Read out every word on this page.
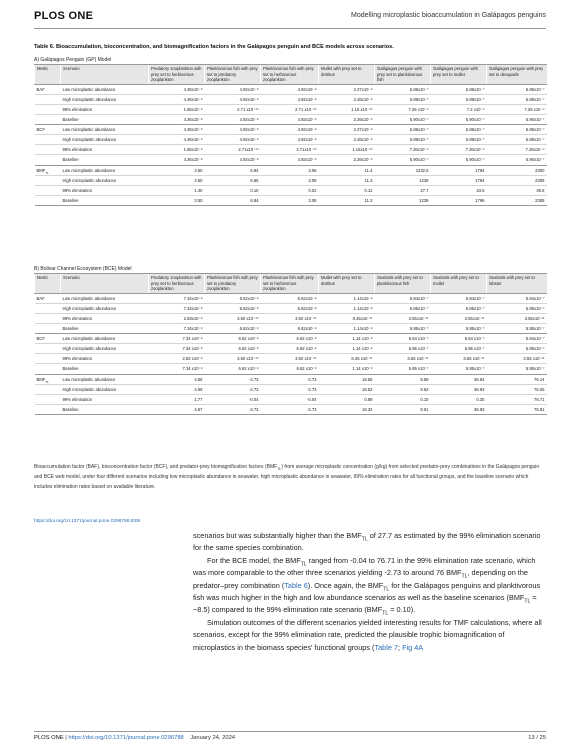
PLOS ONE	Modelling microplastic bioaccumulation in Galápagos penguins
Table 6. Bioaccumulation, bioconcentration, and biomagnification factors in the Galápagos penguin and BCE models across scenarios.
A) Galápagos Penguin (GP) Model
Metric	Scenario	Predatory zooplankton with prey set to herbivorous zooplankton	Planktivorous fish with prey set to predatory zooplankton	Planktivorous fish with prey set to herbivorous zooplankton	Mullet with prey set to detritus	Galápagos penguin with prey set to planktivorous fish	Galápagos penguin with prey set to mullet	Galápagos penguin with prey set to decapods
BAF	Low microplastic abundance	4.36x10⁻⁸	4.92x10⁻⁸	4.92x10⁻⁸	2.27x10⁻⁸	5.86x10⁻⁷	5.86x10⁻⁷	5.86x10⁻⁷
	High microplastic abundance	4.36x10⁻⁸	4.92x10⁻⁸	4.92x10⁻⁸	2.26x10⁻⁸	5.89x10⁻⁷	5.89x10⁻⁷	5.89x10⁻⁷
	99% elimination	1.66x10⁻⁸	2.71 x10⁻¹⁰	2.71 x10⁻¹⁰	1.15 x10⁻¹⁰	7.26 x10⁻⁹	7.2 x10⁻⁹	7.26 x10⁻⁹
	Baseline	4.36x10⁻⁸	4.92x10⁻⁸	4.92x10⁻⁸	2.26x10⁻⁸	5.90x10⁻⁷	5.90x10⁻⁷	5.90x10⁻⁷
BCF	Low microplastic abundance	4.36x10⁻⁸	4.92x10⁻⁸	4.92x10⁻⁸	2.27x10⁻⁸	5.86x10⁻⁷	5.86x10⁻⁷	5.86x10⁻⁷
	High microplastic abundance	4.36x10⁻⁸	4.92x10⁻⁸	4.92x10⁻⁸	2.26x10⁻⁸	5.89x10⁻⁷	5.89x10⁻⁷	5.89x10⁻⁷
	99% elimination	1.66x10⁻⁸	2.71x10⁻¹⁰	2.71x10⁻¹⁰	1.15x10⁻¹⁰	7.26x10⁻⁹	7.26x10⁻⁹	7.26x10⁻⁹
	Baseline	4.36x10⁻⁸	4.92x10⁻⁸	4.92x10⁻⁸	2.26x10⁻⁸	5.90x10⁻⁷	5.90x10⁻⁷	5.90x10⁻⁷
$BMF_{TL}$	Low microplastic abundance	3.50	6.84	3.06	11.4	1232.5	1784	2300
	High microplastic abundance	3.50	6.85	3.06	11.3	1238	1794	2305
	99% elimination	1.40	0.10	0.02	0.12	27.7	43.5	49.6
	Baseline	3.50	6.84	3.06	11.3	1239	1796	2308
B) Bolivar Channel Ecosystem (BCE) Model
Metric	Scenario	Predatory zooplankton with prey set to herbivorous zooplankton	Planktivorous fish with prey set to predatory zooplankton	Planktivorous fish with prey set to herbivorous zooplankton	Mullet with prey set to detritus	Seabirds with prey set to planktivorous fish	Seabirds with prey set to mullet	Seabirds with prey set to lobster
BAF	Low microplastic abundance	7.34x10⁻⁸	6.62x10⁻⁸	6.62x10⁻⁸	1.14x10⁻⁸	5.84x10⁻⁷	5.84x10⁻⁷	5.84x10⁻⁷
	High microplastic abundance	7.34x10⁻⁸	6.62x10⁻⁸	6.62x10⁻⁸	1.14x10⁻⁸	5.85x10⁻⁷	5.85x10⁻⁷	5.85x10⁻⁷
	99% elimination	2.83x10⁻⁸	3.50 x10⁻¹⁰	3.50 x10⁻¹⁰	8.45x10⁻¹¹	3.55x10⁻¹¹	3.55x10⁻¹¹	3.55x10⁻¹¹
	Baseline	7.34x10⁻⁸	6.62x10⁻⁸	6.62x10⁻⁸	1.14x10⁻⁸	5.85x10⁻⁷	5.85x10⁻⁷	5.85x10⁻⁷
BCF	Low microplastic abundance	7.34 x10⁻⁸	6.62 x10⁻⁸	6.62 x10⁻⁸	1.14 x10⁻⁸	5.84 x10⁻⁷	5.84 x10⁻⁷	5.84x10⁻⁷
	High microplastic abundance	7.34 x10⁻⁸	6.62 x10⁻⁸	6.62 x10⁻⁸	1.14 x10⁻⁸	5.85 x10⁻⁷	5.85 x10⁻⁷	5.85x10⁻⁷
	99% elimination	2.83 x10⁻⁸	3.50 x10⁻¹⁰	3.50 x10⁻¹⁰	8.45 x10⁻¹¹	3.55 x10⁻¹¹	3.55 x10⁻¹¹	3.55 x10⁻¹¹
	Baseline	7.34 x10⁻⁸	6.62 x10⁻⁸	6.62 x10⁻⁸	1.14 x10⁻⁸	5.85 x10⁻⁷	5.85x10⁻⁷	5.85x10⁻⁷
$BMF_{TL}$	Low microplastic abundance	4.58	-2.73	-2.73	18.56	8.59	36.84	76.14
	High microplastic abundance	4.58	-2.73	-2.73	18.52	8.62	36.93	76.05
	99% elimination	1.77	-0.04	-0.04	0.89	0.10	0.30	76.71
	Baseline	4.57	-2.73	-2.73	18.32	8.61	36.93	75.81
Bioaccumulation factor (BAF), bioconcentration factor (BCF), and predator-prey biomagnification factors $(BMF_{TL})$ from average microplastic concentration (g/kg) from selected predator-prey combinations in the Galápagos penguin and BCE web model, under four different scenarios including low microplastic abundance in seawater, high microplastic abundance in seawater, 99% elimination rates for all functional groups, and the baseline scenario which includes elimination rates based on available literature.
https://doi.org/10.1371/journal.pone.0296788.t006

scenarios but was substantially higher than the $BMF_{TL}$ of 27.7 as estimated by the 99% elimination scenario for the same species combination.

For the BCE model, the $BMF_{TL}$ ranged from -0.04 to 76.71 in the 99% elimination rate scenario, which was more comparable to the other three scenarios yielding -2.73 to around 76 $BMF_{TL}$, depending on the predator–prey combination (Table 6). Once again, the $BMF_{TL}$ for the Galápagos penguins and planktivorous fish was much higher in the high and low abundance scenarios as well as the baseline scenarios ($BMF_{TL}$ = ~8.5) compared to the 99% elimination rate scenario $(BMF_{TL} = 0.10)$.

Simulation outcomes of the different scenarios yielded interesting results for TMF calculations, where all scenarios, except for the 99% elimination rate, predicted the plausible trophic biomagnification of microplastics in the biomass species' functional groups (Table 7; Fig 4A

PLOS ONE | https://doi.org/10.1371/journal.pone.0296788 January 24, 2024	13 / 25
